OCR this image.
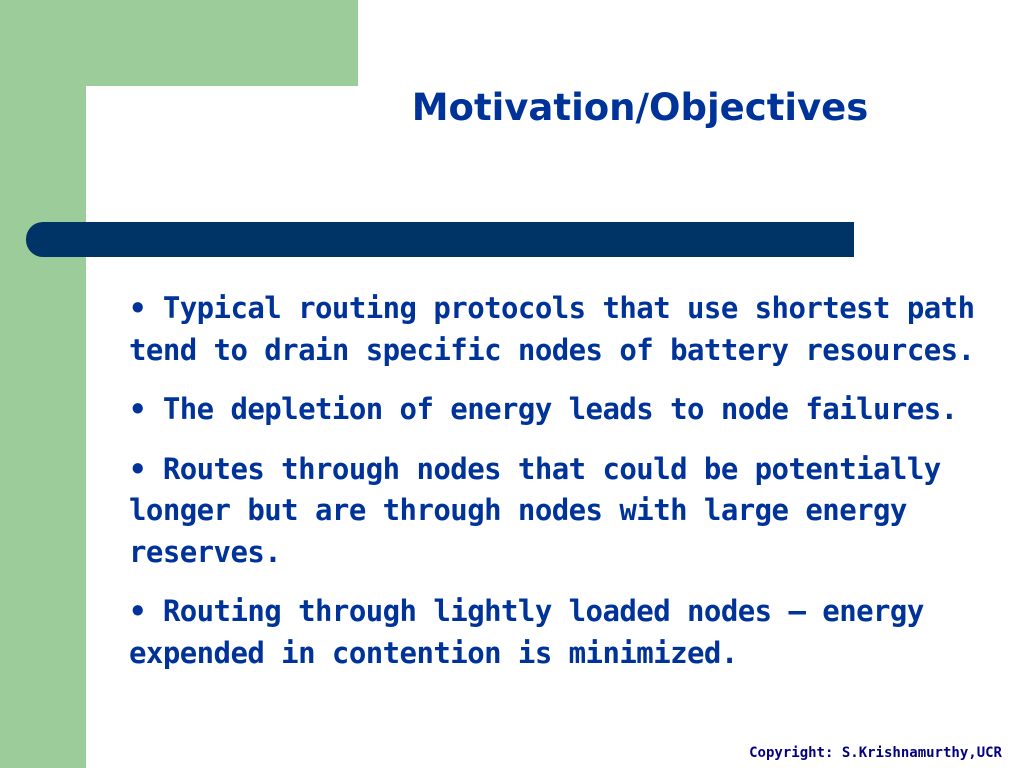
Motivation/Objectives
• Typical routing protocols that use shortest path
tend to drain specific nodes of battery resources.
• The depletion of energy leads to node failures.
• Routes through nodes that could be potentially
longer but are through nodes with large energy
reserves.
• Routing through lightly loaded nodes – energy
expended in contention is minimized.
Copyright: S.Krishnamurthy,UCR
